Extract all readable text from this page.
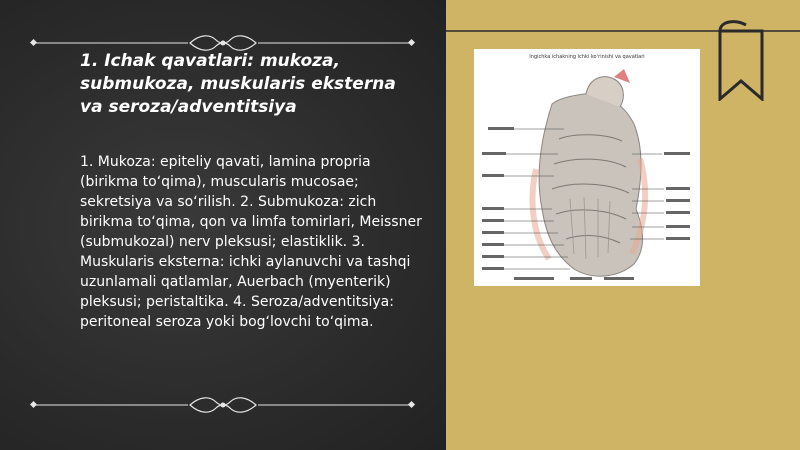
1. Ichak qavatlari: mukoza, submukoza, muskularis eksterna va seroza/adventitsiya

1. Mukoza: epiteliy qavati, lamina propria (birikma toʻqima), muscularis mucosae; sekretsiya va soʻrilish. 2. Submukoza: zich birikma toʻqima, qon va limfa tomirlari, Meissner (submukozal) nerv pleksusi; elastiklik. 3. Muskularis eksterna: ichki aylanuvchi va tashqi uzunlamali qatlamlar, Auerbach (myenterik) pleksusi; peristaltika. 4. Seroza/adventitsiya: peritoneal seroza yoki bogʻlovchi toʻqima.

Ingichka ichakning ichki koʻrinishi va qavatlari
